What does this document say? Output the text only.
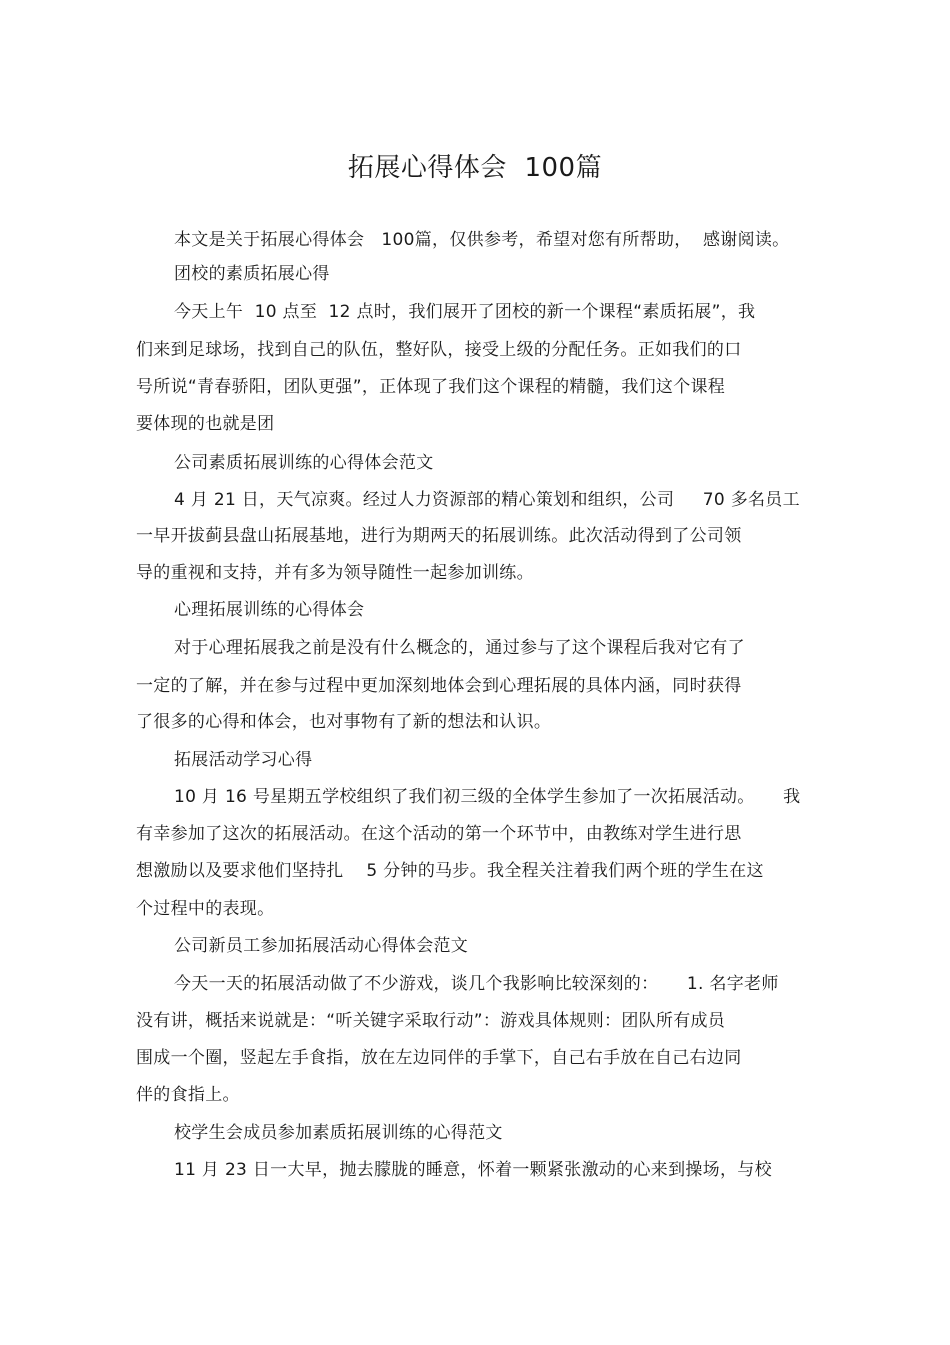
拓展心得体会  100篇
本文是关于拓展心得体会   100篇，仅供参考，希望对您有所帮助，  感谢阅读。
团校的素质拓展心得
今天上午  10 点至  12 点时，我们展开了团校的新一个课程“素质拓展”，我
们来到足球场，找到自己的队伍，整好队，接受上级的分配任务。正如我们的口
号所说“青春骄阳，团队更强”，正体现了我们这个课程的精髓，我们这个课程
要体现的也就是团
公司素质拓展训练的心得体会范文
4 月 21 日，天气凉爽。经过人力资源部的精心策划和组织，公司     70 多名员工
一早开拔蓟县盘山拓展基地，进行为期两天的拓展训练。此次活动得到了公司领
导的重视和支持，并有多为领导随性一起参加训练。
心理拓展训练的心得体会
对于心理拓展我之前是没有什么概念的，通过参与了这个课程后我对它有了
一定的了解，并在参与过程中更加深刻地体会到心理拓展的具体内涵，同时获得
了很多的心得和体会，也对事物有了新的想法和认识。
拓展活动学习心得
10 月 16 号星期五学校组织了我们初三级的全体学生参加了一次拓展活动。     我
有幸参加了这次的拓展活动。在这个活动的第一个环节中，由教练对学生进行思
想激励以及要求他们坚持扎    5 分钟的马步。我全程关注着我们两个班的学生在这
个过程中的表现。
公司新员工参加拓展活动心得体会范文
今天一天的拓展活动做了不少游戏，谈几个我影响比较深刻的：     1. 名字老师
没有讲，概括来说就是：“听关键字采取行动”：游戏具体规则：团队所有成员
围成一个圈，竖起左手食指，放在左边同伴的手掌下，自己右手放在自己右边同
伴的食指上。
校学生会成员参加素质拓展训练的心得范文
11 月 23 日一大早，抛去朦胧的睡意，怀着一颗紧张激动的心来到操场，与校
